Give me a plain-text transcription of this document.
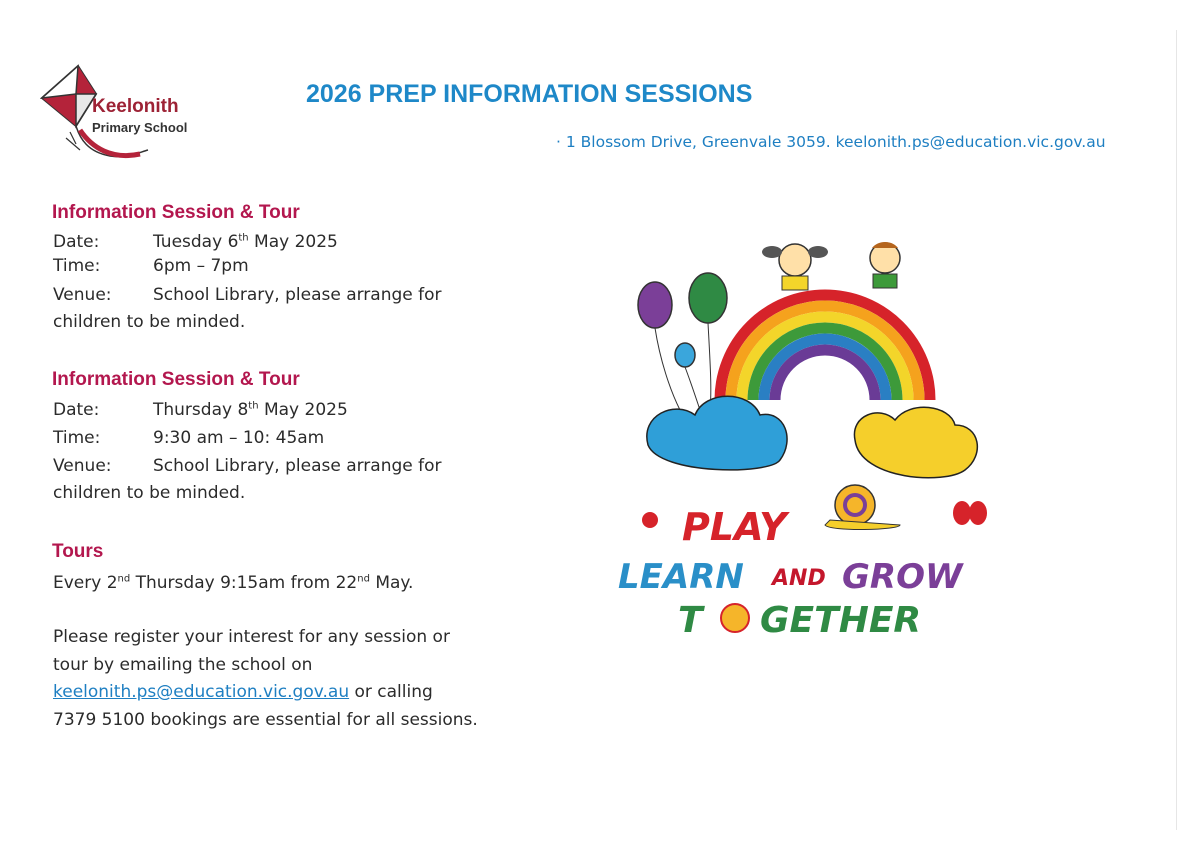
Keelonith
Primary School
2026 PREP INFORMATION SESSIONS
· 1 Blossom Drive, Greenvale 3059. keelonith.ps@education.vic.gov.au
Information Session & Tour
Date:	Tuesday 6th May 2025
Time:	6pm – 7pm
Venue: School Library, please arrange for
children to be minded.
Information Session & Tour
Date:	Thursday 8th May 2025
Time:	9:30 am – 10: 45am
Venue: School Library, please arrange for
children to be minded.
Tours
Every 2nd Thursday 9:15am from 22nd May.
Please register your interest for any session or
tour by emailing the school on
keelonith.ps@education.vic.gov.au or calling
7379 5100 bookings are essential for all sessions.
PLAY
LEARN AND GROW
T GETHER
